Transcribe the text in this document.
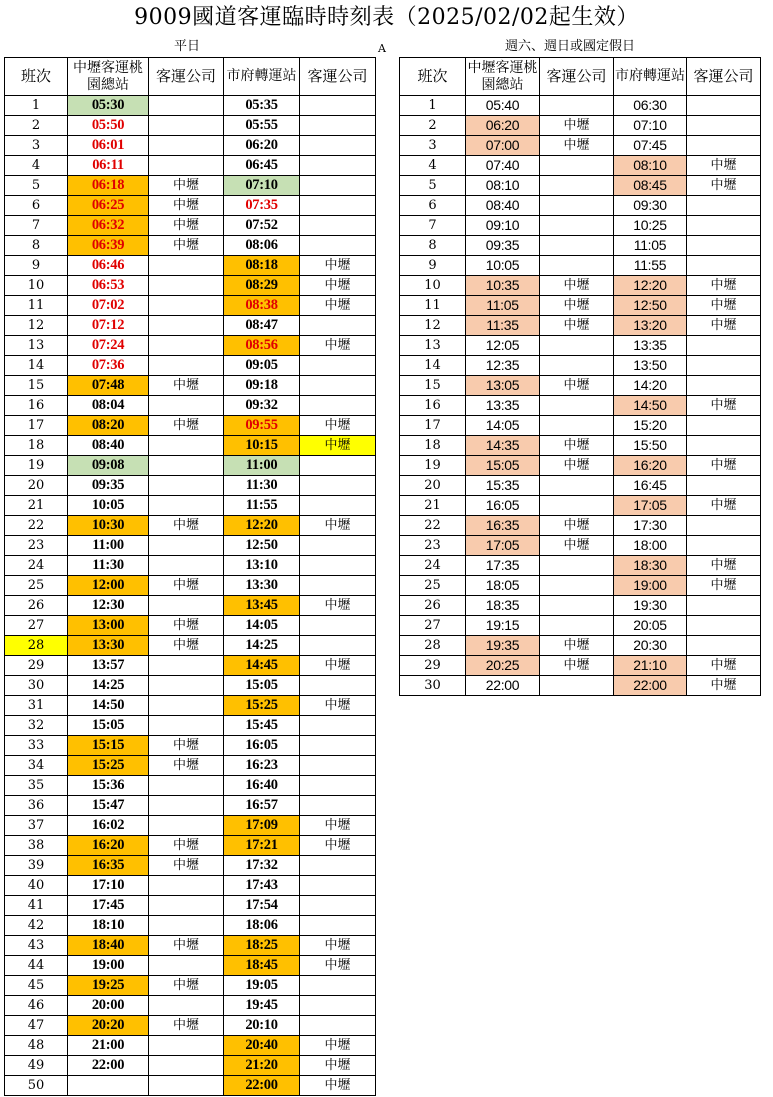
9009國道客運臨時時刻表（2025/02/02起生效）
平日	A	週六、週日或國定假日
班次	中壢客運桃園總站	客運公司	市府轉運站	客運公司
1	05:30		05:35	
2	05:50		05:55	
3	06:01		06:20	
4	06:11		06:45	
5	06:18	中壢	07:10	
6	06:25	中壢	07:35	
7	06:32	中壢	07:52	
8	06:39	中壢	08:06	
9	06:46		08:18	中壢
10	06:53		08:29	中壢
11	07:02		08:38	中壢
12	07:12		08:47	
13	07:24		08:56	中壢
14	07:36		09:05	
15	07:48	中壢	09:18	
16	08:04		09:32	
17	08:20	中壢	09:55	中壢
18	08:40		10:15	中壢
19	09:08		11:00	
20	09:35		11:30	
21	10:05		11:55	
22	10:30	中壢	12:20	中壢
23	11:00		12:50	
24	11:30		13:10	
25	12:00	中壢	13:30	
26	12:30		13:45	中壢
27	13:00	中壢	14:05	
28	13:30	中壢	14:25	
29	13:57		14:45	中壢
30	14:25		15:05	
31	14:50		15:25	中壢
32	15:05		15:45	
33	15:15	中壢	16:05	
34	15:25	中壢	16:23	
35	15:36		16:40	
36	15:47		16:57	
37	16:02		17:09	中壢
38	16:20	中壢	17:21	中壢
39	16:35	中壢	17:32	
40	17:10		17:43	
41	17:45		17:54	
42	18:10		18:06	
43	18:40	中壢	18:25	中壢
44	19:00		18:45	中壢
45	19:25	中壢	19:05	
46	20:00		19:45	
47	20:20	中壢	20:10	
48	21:00		20:40	中壢
49	22:00		21:20	中壢
50			22:00	中壢
班次	中壢客運桃園總站	客運公司	市府轉運站	客運公司
1	05:40		06:30	
2	06:20	中壢	07:10	
3	07:00	中壢	07:45	
4	07:40		08:10	中壢
5	08:10		08:45	中壢
6	08:40		09:30	
7	09:10		10:25	
8	09:35		11:05	
9	10:05		11:55	
10	10:35	中壢	12:20	中壢
11	11:05	中壢	12:50	中壢
12	11:35	中壢	13:20	中壢
13	12:05		13:35	
14	12:35		13:50	
15	13:05	中壢	14:20	
16	13:35		14:50	中壢
17	14:05		15:20	
18	14:35	中壢	15:50	
19	15:05	中壢	16:20	中壢
20	15:35		16:45	
21	16:05		17:05	中壢
22	16:35	中壢	17:30	
23	17:05	中壢	18:00	
24	17:35		18:30	中壢
25	18:05		19:00	中壢
26	18:35		19:30	
27	19:15		20:05	
28	19:35	中壢	20:30	
29	20:25	中壢	21:10	中壢
30	22:00		22:00	中壢
